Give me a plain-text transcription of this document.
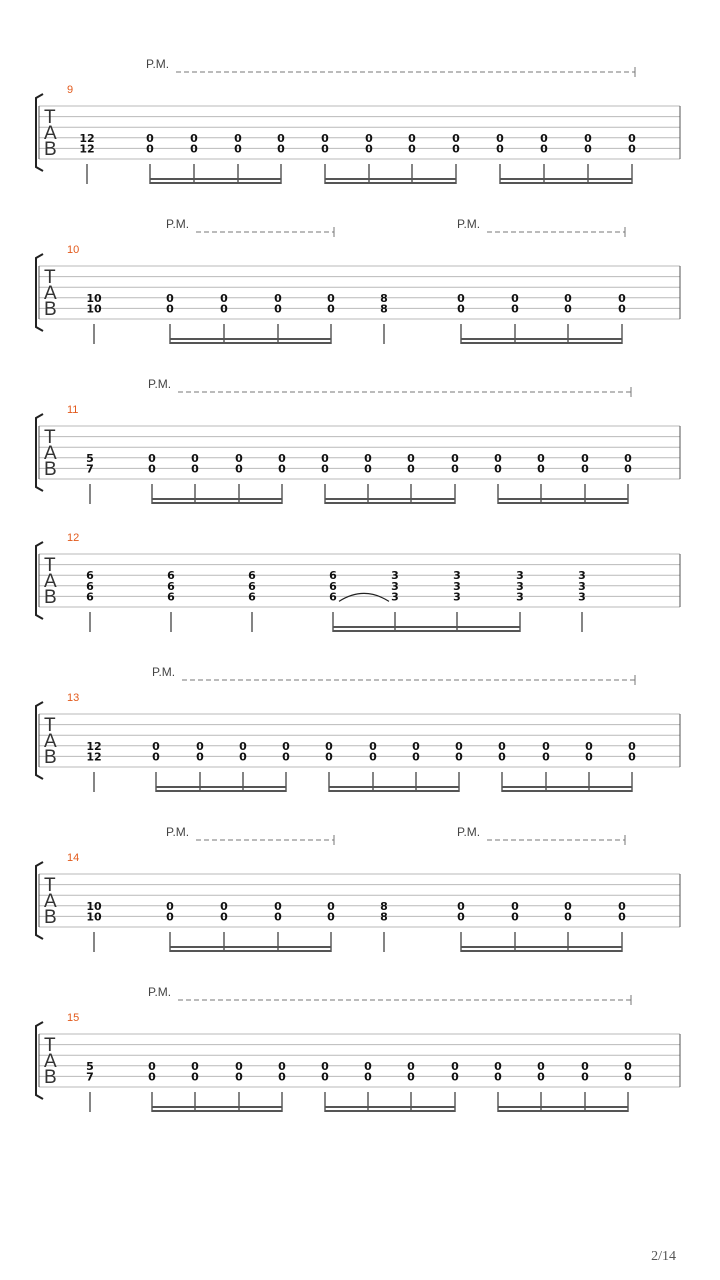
T
A
B
9
12
12
0
0
0
0
0
0
0
0
0
0
0
0
0
0
0
0
0
0
0
0
0
0
0
0
P.M.
T
A
B
10
10
10
0
0
0
0
0
0
0
0
8
8
0
0
0
0
0
0
0
0
P.M.	P.M.
T
A
B
11
5
7
0
0
0
0
0
0
0
0
0
0
0
0
0
0
0
0
0
0
0
0
0
0
0
0
P.M.
T
A
B
12
6
6
6
6
6
6
6
6
6
6
6
6
3
3
3
3
3
3
3
3
3
3
3
3
T
A
B
13
12
12
0
0
0
0
0
0
0
0
0
0
0
0
0
0
0
0
0
0
0
0
0
0
0
0
P.M.
T
A
B
14
10
10
0
0
0
0
0
0
0
0
8
8
0
0
0
0
0
0
0
0
P.M.	P.M.
T
A
B
15
5
7
0
0
0
0
0
0
0
0
0
0
0
0
0
0
0
0
0
0
0
0
0
0
0
0
P.M.
2/14
